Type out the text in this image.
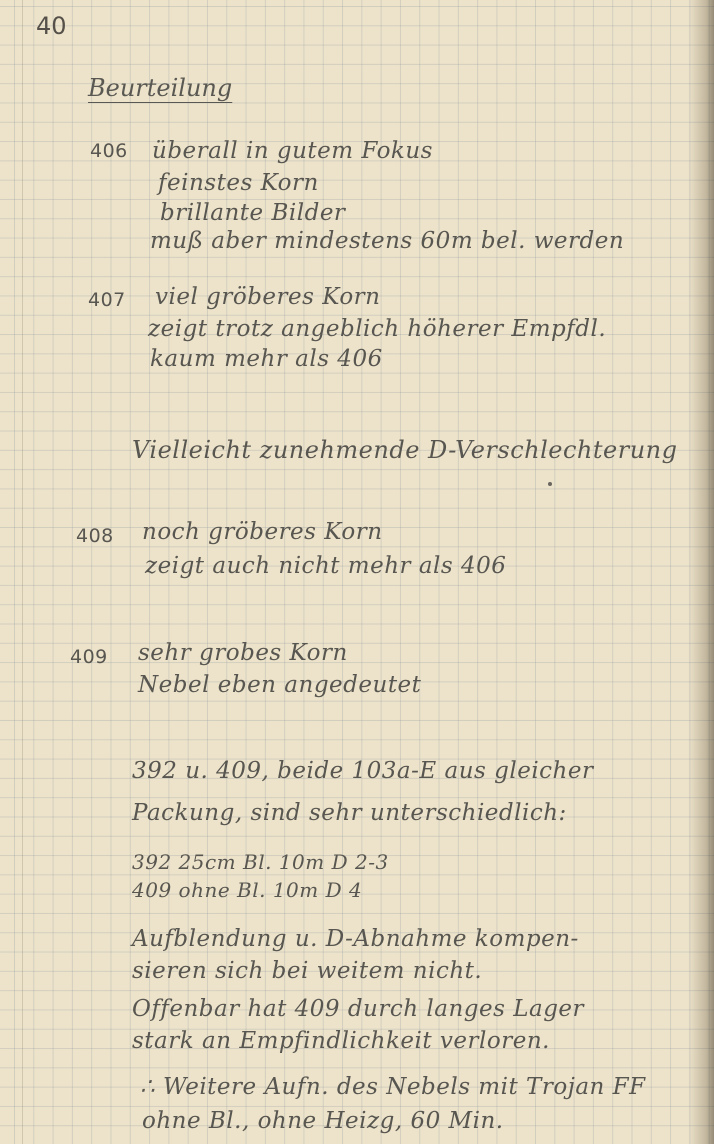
40
Beurteilung
406 überall in gutem Fokus
feinstes Korn
brillante Bilder
muß aber mindestens 60m bel. werden
407 viel gröberes Korn
zeigt trotz angeblich höherer Empfdl.
kaum mehr als 406
Vielleicht zunehmende D-Verschlechterung
408 noch gröberes Korn
zeigt auch nicht mehr als 406
409 sehr grobes Korn
Nebel eben angedeutet
392 u. 409, beide 103a-E aus gleicher
Packung, sind sehr unterschiedlich:
392 25cm Bl. 10m D 2-3
409 ohne Bl. 10m D 4
Aufblendung u. D-Abnahme kompen-
sieren sich bei weitem nicht.
Offenbar hat 409 durch langes Lager
stark an Empfindlichkeit verloren.
∴ Weitere Aufn. des Nebels mit Trojan FF
ohne Bl., ohne Heizg, 60 Min.
